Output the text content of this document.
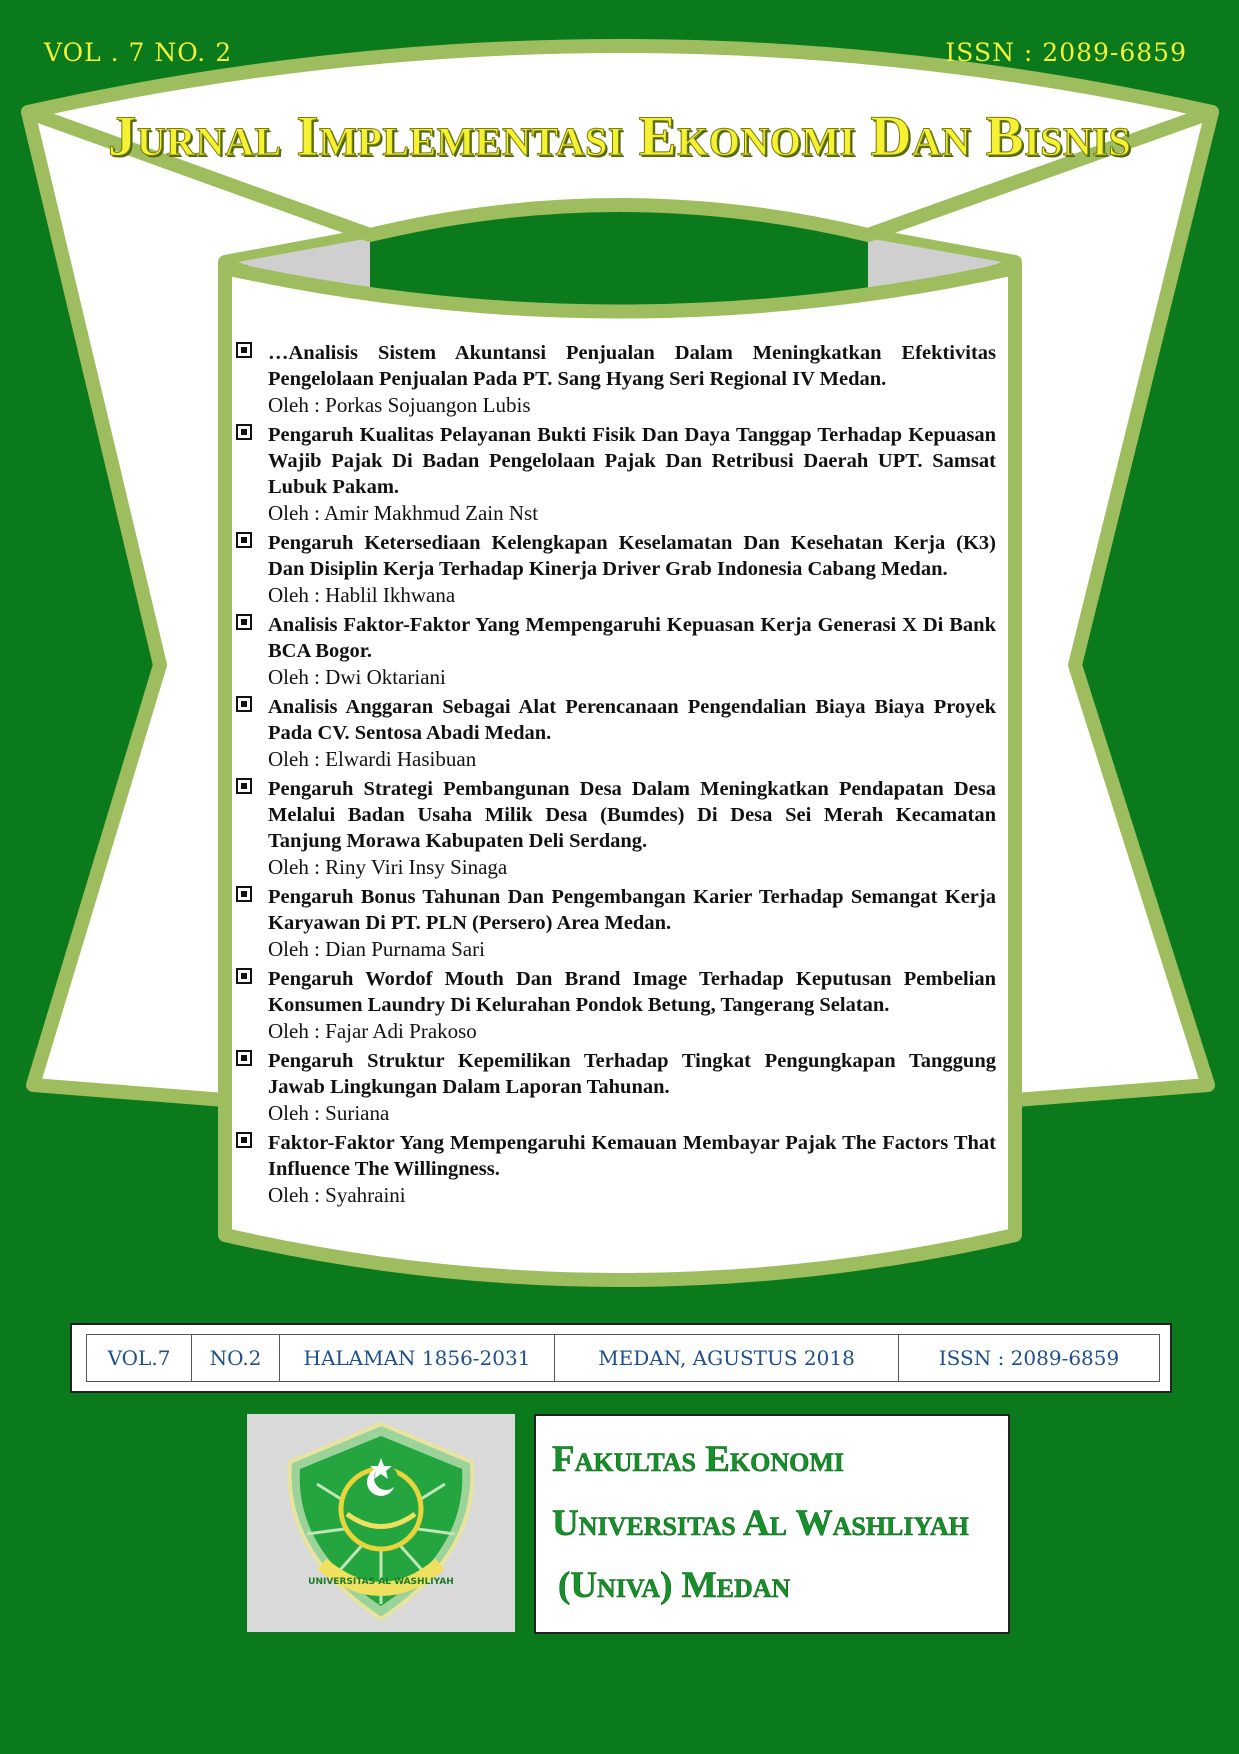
VOL . 7 NO. 2	ISSN : 2089-6859
Jurnal Implementasi Ekonomi Dan Bisnis
…Analisis Sistem Akuntansi Penjualan Dalam Meningkatkan Efektivitas Pengelolaan Penjualan Pada PT. Sang Hyang Seri Regional IV Medan.
Oleh : Porkas Sojuangon Lubis
Pengaruh Kualitas Pelayanan Bukti Fisik Dan Daya Tanggap Terhadap Kepuasan Wajib Pajak Di Badan Pengelolaan Pajak Dan Retribusi Daerah UPT. Samsat Lubuk Pakam.
Oleh : Amir Makhmud Zain Nst
Pengaruh Ketersediaan Kelengkapan Keselamatan Dan Kesehatan Kerja (K3) Dan Disiplin Kerja Terhadap Kinerja Driver Grab Indonesia Cabang Medan.
Oleh : Hablil Ikhwana
Analisis Faktor-Faktor Yang Mempengaruhi Kepuasan Kerja Generasi X Di Bank BCA Bogor.
Oleh : Dwi Oktariani
Analisis Anggaran Sebagai Alat Perencanaan Pengendalian Biaya Biaya Proyek Pada CV. Sentosa Abadi Medan.
Oleh : Elwardi Hasibuan
Pengaruh Strategi Pembangunan Desa Dalam Meningkatkan Pendapatan Desa Melalui Badan Usaha Milik Desa (Bumdes) Di Desa Sei Merah Kecamatan Tanjung Morawa Kabupaten Deli Serdang.
Oleh : Riny Viri Insy Sinaga
Pengaruh Bonus Tahunan Dan Pengembangan Karier Terhadap Semangat Kerja Karyawan Di PT. PLN (Persero) Area Medan.
Oleh : Dian Purnama Sari
Pengaruh Wordof Mouth Dan Brand Image Terhadap Keputusan Pembelian Konsumen Laundry Di Kelurahan Pondok Betung, Tangerang Selatan.
Oleh : Fajar Adi Prakoso
Pengaruh Struktur Kepemilikan Terhadap Tingkat Pengungkapan Tanggung Jawab Lingkungan Dalam Laporan Tahunan.
Oleh : Suriana
Faktor-Faktor Yang Mempengaruhi Kemauan Membayar Pajak The Factors That Influence The Willingness.
Oleh : Syahraini
VOL.7	NO.2	HALAMAN 1856-2031	MEDAN, AGUSTUS 2018	ISSN : 2089-6859
UNIVERSITAS AL WASHLIYAH
Fakultas Ekonomi
Universitas Al Washliyah
(Univa) Medan
